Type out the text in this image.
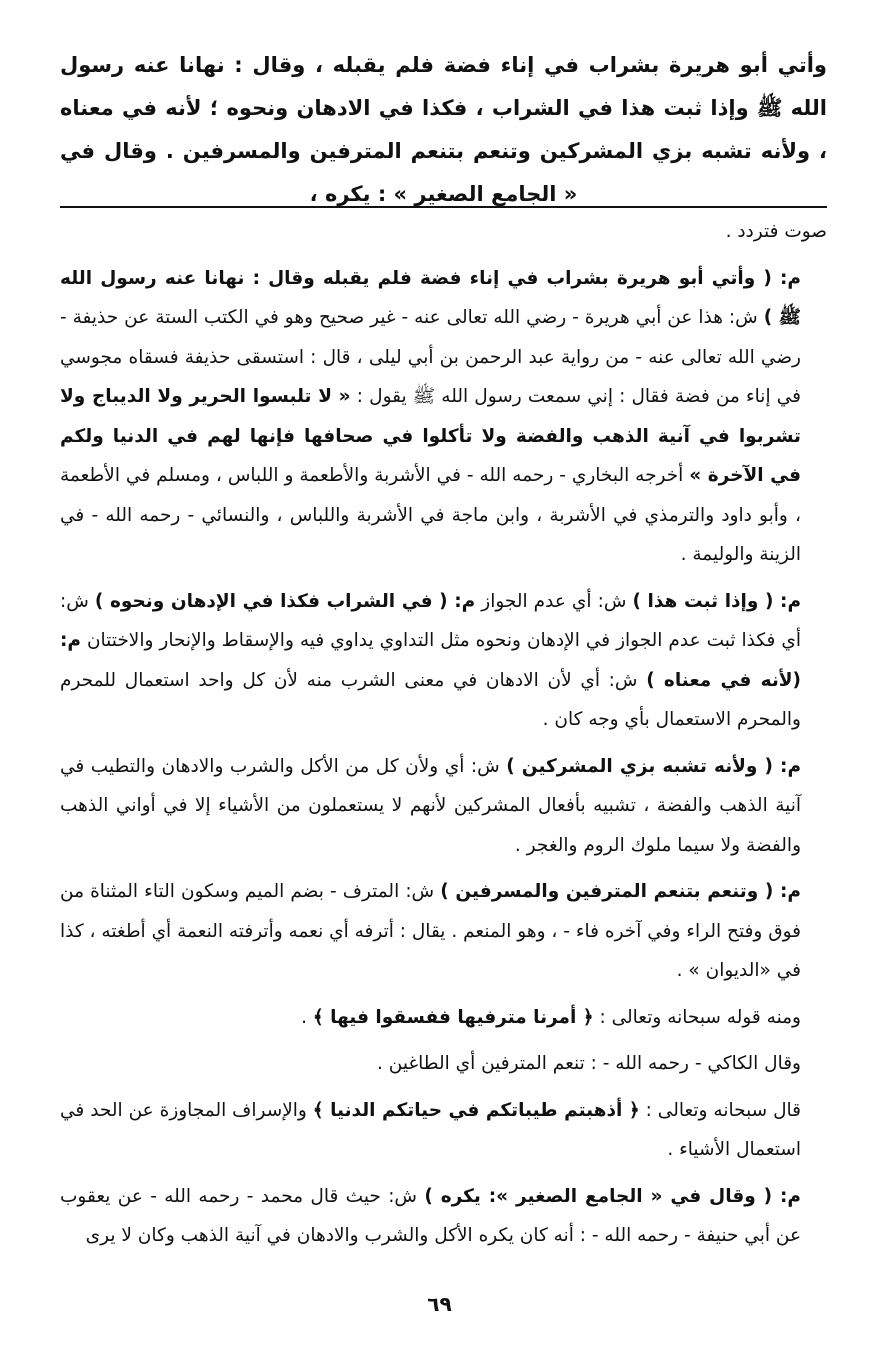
وأتي أبو هريرة بشراب في إناء فضة فلم يقبله ، وقال : نهانا عنه رسول الله ﷺ وإذا ثبت هذا في الشراب ، فكذا في الادهان ونحوه ؛ لأنه في معناه ، ولأنه تشبه بزي المشركين وتنعم بتنعم المترفين والمسرفين . وقال في « الجامع الصغير » : يكره ،

صوت فتردد .

م: ( وأتي أبو هريرة بشراب في إناء فضة فلم يقبله وقال : نهانا عنه رسول الله ﷺ ) ش: هذا عن أبي هريرة - رضي الله تعالى عنه - غير صحيح وهو في الكتب الستة عن حذيفة - رضي الله تعالى عنه - من رواية عبد الرحمن بن أبي ليلى ، قال : استسقى حذيفة فسقاه مجوسي في إناء من فضة فقال : إني سمعت رسول الله ﷺ يقول : « لا تلبسوا الحرير ولا الديباج ولا تشربوا في آنية الذهب والفضة ولا تأكلوا في صحافها فإنها لهم في الدنيا ولكم في الآخرة » أخرجه البخاري - رحمه الله - في الأشربة والأطعمة و اللباس ، ومسلم في الأطعمة ، وأبو داود والترمذي في الأشربة ، وابن ماجة في الأشربة واللباس ، والنسائي - رحمه الله - في الزينة والوليمة .

م: ( وإذا ثبت هذا ) ش: أي عدم الجواز م: ( في الشراب فكذا في الإدهان ونحوه ) ش: أي فكذا ثبت عدم الجواز في الإدهان ونحوه مثل التداوي يداوي فيه والإسقاط والإنحار والاختتان م: (لأنه في معناه ) ش: أي لأن الادهان في معنى الشرب منه لأن كل واحد استعمال للمحرم والمحرم الاستعمال بأي وجه كان .

م: ( ولأنه تشبه بزي المشركين ) ش: أي ولأن كل من الأكل والشرب والادهان والتطيب في آنية الذهب والفضة ، تشبيه بأفعال المشركين لأنهم لا يستعملون من الأشياء إلا في أواني الذهب والفضة ولا سيما ملوك الروم والغجر .

م: ( وتنعم بتنعم المترفين والمسرفين ) ش: المترف - بضم الميم وسكون التاء المثناة من فوق وفتح الراء وفي آخره فاء - ، وهو المنعم . يقال : أترفه أي نعمه وأترفته النعمة أي أطغته ، كذا في «الديوان » .

ومنه قوله سبحانه وتعالى : ﴿ أمرنا مترفيها ففسقوا فيها ﴾ .

وقال الكاكي - رحمه الله - : تنعم المترفين أي الطاغين .

قال سبحانه وتعالى : ﴿ أذهبتم طيباتكم في حياتكم الدنيا ﴾ والإسراف المجاوزة عن الحد في استعمال الأشياء .

م: ( وقال في « الجامع الصغير »: يكره ) ش: حيث قال محمد - رحمه الله - عن يعقوب عن أبي حنيفة - رحمه الله - : أنه كان يكره الأكل والشرب والادهان في آنية الذهب وكان لا يرى

٦٩
